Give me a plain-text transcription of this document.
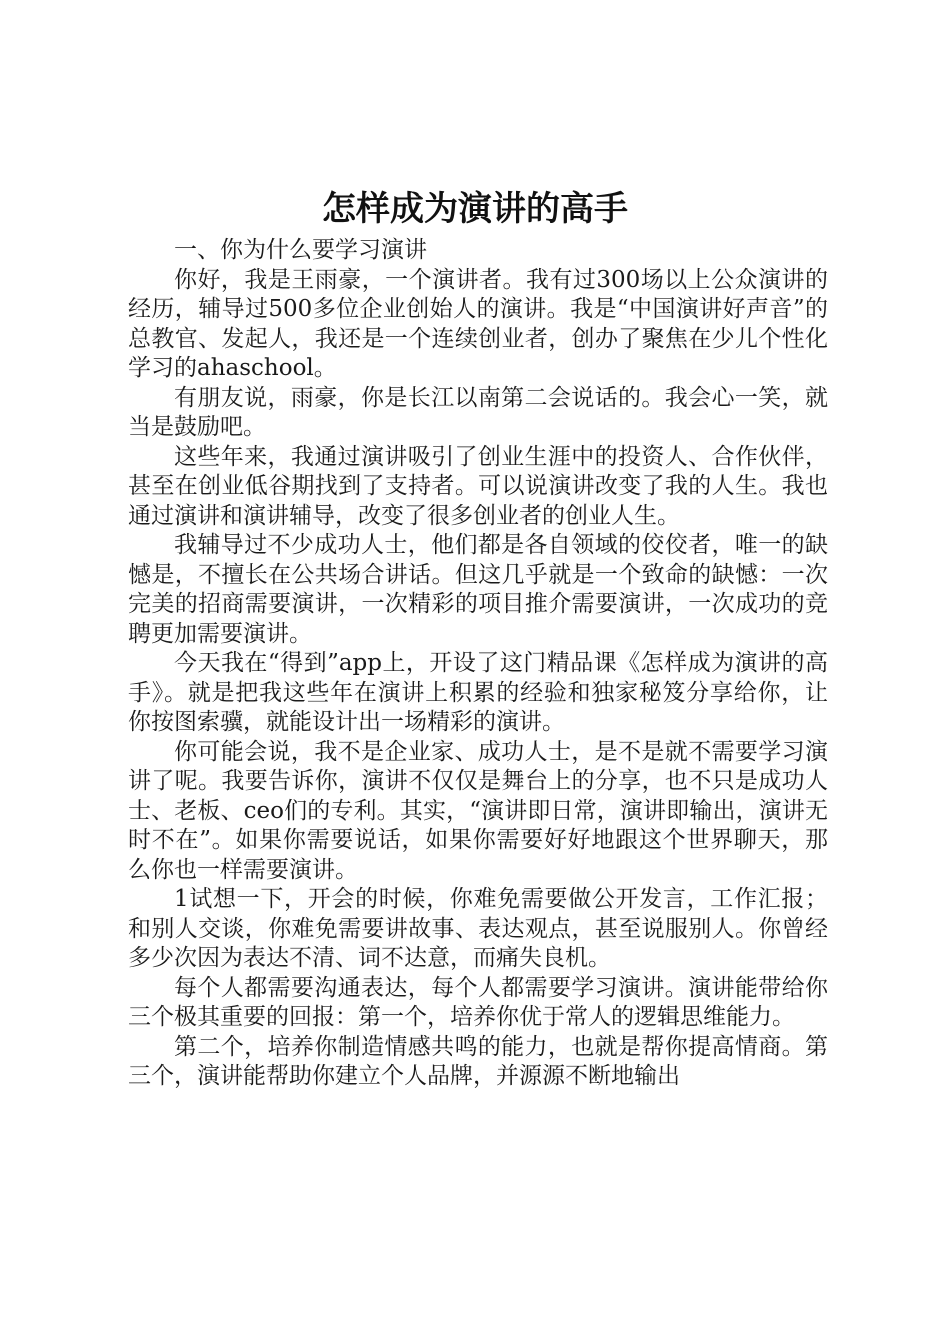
怎样成为演讲的高手

一、你为什么要学习演讲

你好，我是王雨豪，一个演讲者。我有过300场以上公众演讲的经历，辅导过500多位企业创始人的演讲。我是“中国演讲好声音”的总教官、发起人，我还是一个连续创业者，创办了聚焦在少儿个性化学习的ahaschool。

有朋友说，雨豪，你是长江以南第二会说话的。我会心一笑，就当是鼓励吧。

这些年来，我通过演讲吸引了创业生涯中的投资人、合作伙伴，甚至在创业低谷期找到了支持者。可以说演讲改变了我的人生。我也通过演讲和演讲辅导，改变了很多创业者的创业人生。

我辅导过不少成功人士，他们都是各自领域的佼佼者，唯一的缺憾是，不擅长在公共场合讲话。但这几乎就是一个致命的缺憾：一次完美的招商需要演讲，一次精彩的项目推介需要演讲，一次成功的竞聘更加需要演讲。

今天我在“得到”app上，开设了这门精品课《怎样成为演讲的高手》。就是把我这些年在演讲上积累的经验和独家秘笈分享给你，让你按图索骥，就能设计出一场精彩的演讲。

你可能会说，我不是企业家、成功人士，是不是就不需要学习演讲了呢。我要告诉你，演讲不仅仅是舞台上的分享，也不只是成功人士、老板、ceo们的专利。其实，“演讲即日常，演讲即输出，演讲无时不在”。如果你需要说话，如果你需要好好地跟这个世界聊天，那么你也一样需要演讲。

1试想一下，开会的时候，你难免需要做公开发言，工作汇报；和别人交谈，你难免需要讲故事、表达观点，甚至说服别人。你曾经多少次因为表达不清、词不达意，而痛失良机。

每个人都需要沟通表达，每个人都需要学习演讲。演讲能带给你三个极其重要的回报：第一个，培养你优于常人的逻辑思维能力。

第二个，培养你制造情感共鸣的能力，也就是帮你提高情商。第三个，演讲能帮助你建立个人品牌，并源源不断地输出
